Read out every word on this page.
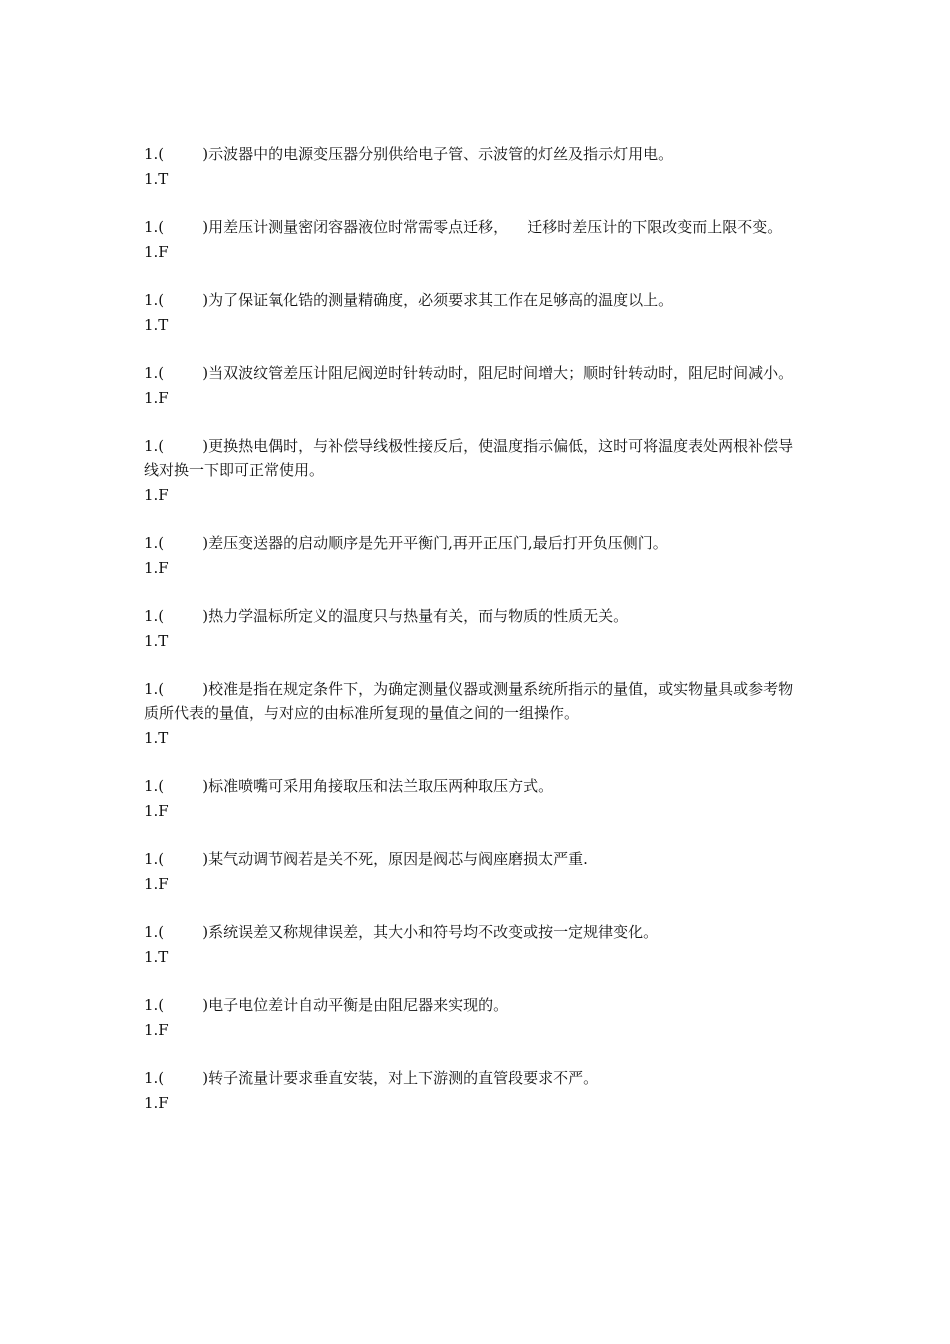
1.(        )示波器中的电源变压器分别供给电子管、示波管的灯丝及指示灯用电。

1.T

1.(        )用差压计测量密闭容器液位时常需零点迁移，    迁移时差压计的下限改变而上限不变。

1.F

1.(        )为了保证氧化锆的测量精确度，必须要求其工作在足够高的温度以上。

1.T

1.(        )当双波纹管差压计阻尼阀逆时针转动时，阻尼时间增大；顺时针转动时，阻尼时间减小。

1.F

1.(        )更换热电偶时，与补偿导线极性接反后，使温度指示偏低，这时可将温度表处两根补偿导线对换一下即可正常使用。

1.F

1.(        )差压变送器的启动顺序是先开平衡门,再开正压门,最后打开负压侧门。

1.F

1.(        )热力学温标所定义的温度只与热量有关，而与物质的性质无关。

1.T

1.(        )校准是指在规定条件下，为确定测量仪器或测量系统所指示的量值，或实物量具或参考物质所代表的量值，与对应的由标准所复现的量值之间的一组操作。

1.T

1.(        )标准喷嘴可采用角接取压和法兰取压两种取压方式。

1.F

1.(        )某气动调节阀若是关不死，原因是阀芯与阀座磨损太严重.

1.F

1.(        )系统误差又称规律误差，其大小和符号均不改变或按一定规律变化。

1.T

1.(        )电子电位差计自动平衡是由阻尼器来实现的。

1.F

1.(        )转子流量计要求垂直安装，对上下游测的直管段要求不严。

1.F
